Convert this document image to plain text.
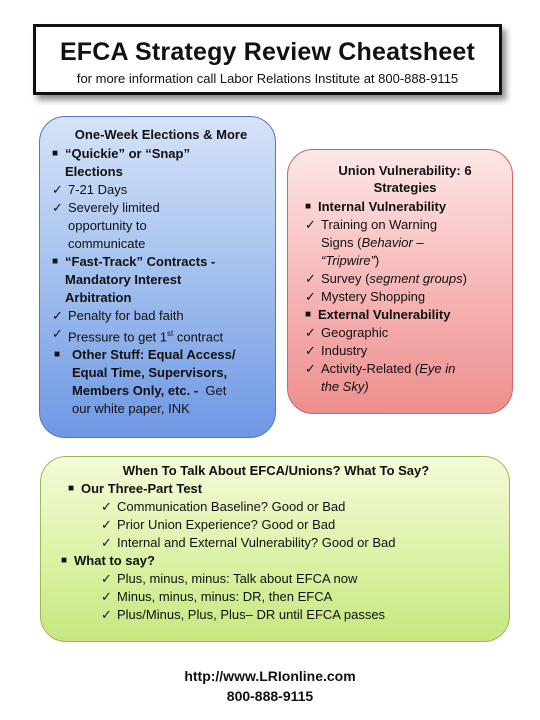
EFCA Strategy Review Cheatsheet
for more information call Labor Relations Institute at 800-888-9115
One-Week Elections & More
■ “Quickie” or “Snap”
Elections
✓ 7-21 Days
✓ Severely limited
opportunity to
communicate
■ “Fast-Track” Contracts -
Mandatory Interest
Arbitration
✓ Penalty for bad faith
✓ Pressure to get 1st contract
■ Other Stuff: Equal Access/
Equal Time, Supervisors,
Members Only, etc. - Get
our white paper, INK
Union Vulnerability: 6
Strategies
■ Internal Vulnerability
✓ Training on Warning
Signs (Behavior –
“Tripwire”)
✓ Survey (segment groups)
✓ Mystery Shopping
■ External Vulnerability
✓ Geographic
✓ Industry
✓ Activity-Related (Eye in
the Sky)
When To Talk About EFCA/Unions? What To Say?
■ Our Three-Part Test
✓ Communication Baseline? Good or Bad
✓ Prior Union Experience? Good or Bad
✓ Internal and External Vulnerability? Good or Bad
■ What to say?
✓ Plus, minus, minus: Talk about EFCA now
✓ Minus, minus, minus: DR, then EFCA
✓ Plus/Minus, Plus, Plus– DR until EFCA passes
http://www.LRIonline.com
800-888-9115
